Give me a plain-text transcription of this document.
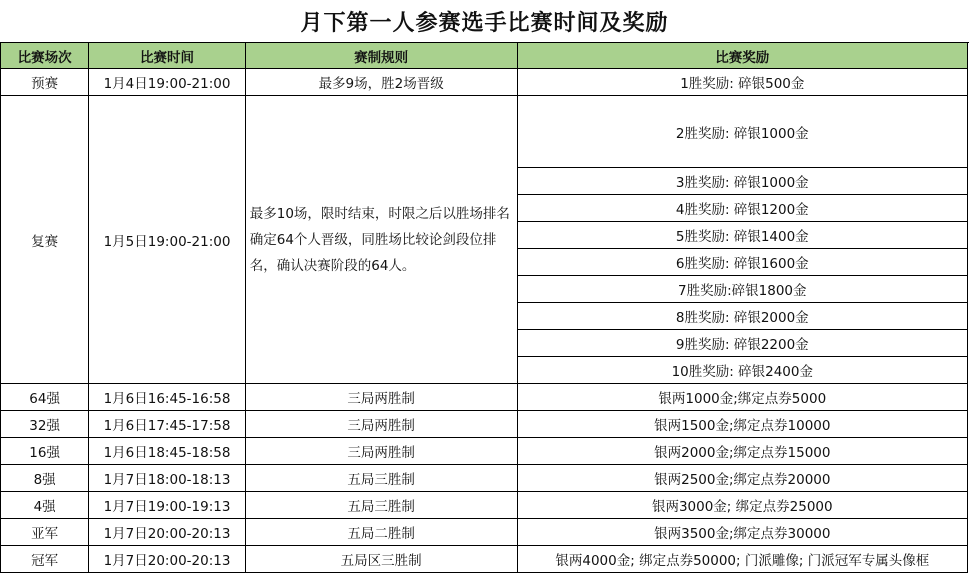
月下第一人参赛选手比赛时间及奖励
比赛场次	比赛时间	赛制规则	比赛奖励
预赛	1月4日19:00-21:00	最多9场，胜2场晋级	1胜奖励: 碎银500金
复赛	1月5日19:00-21:00	最多10场，限时结束，时限之后以胜场排名确定64个人晋级，同胜场比较论剑段位排名，确认决赛阶段的64人。	2胜奖励: 碎银1000金
			3胜奖励: 碎银1000金
			4胜奖励: 碎银1200金
			5胜奖励: 碎银1400金
			6胜奖励: 碎银1600金
			7胜奖励:碎银1800金
			8胜奖励: 碎银2000金
			9胜奖励: 碎银2200金
			10胜奖励: 碎银2400金
64强	1月6日16:45-16:58	三局两胜制	银两1000金;绑定点券5000
32强	1月6日17:45-17:58	三局两胜制	银两1500金;绑定点券10000
16强	1月6日18:45-18:58	三局两胜制	银两2000金;绑定点券15000
8强	1月7日18:00-18:13	五局三胜制	银两2500金;绑定点券20000
4强	1月7日19:00-19:13	五局三胜制	银两3000金; 绑定点券25000
亚军	1月7日20:00-20:13	五局二胜制	银两3500金;绑定点券30000
冠军	1月7日20:00-20:13	五局区三胜制	银两4000金; 绑定点券50000; 门派雕像; 门派冠军专属头像框
